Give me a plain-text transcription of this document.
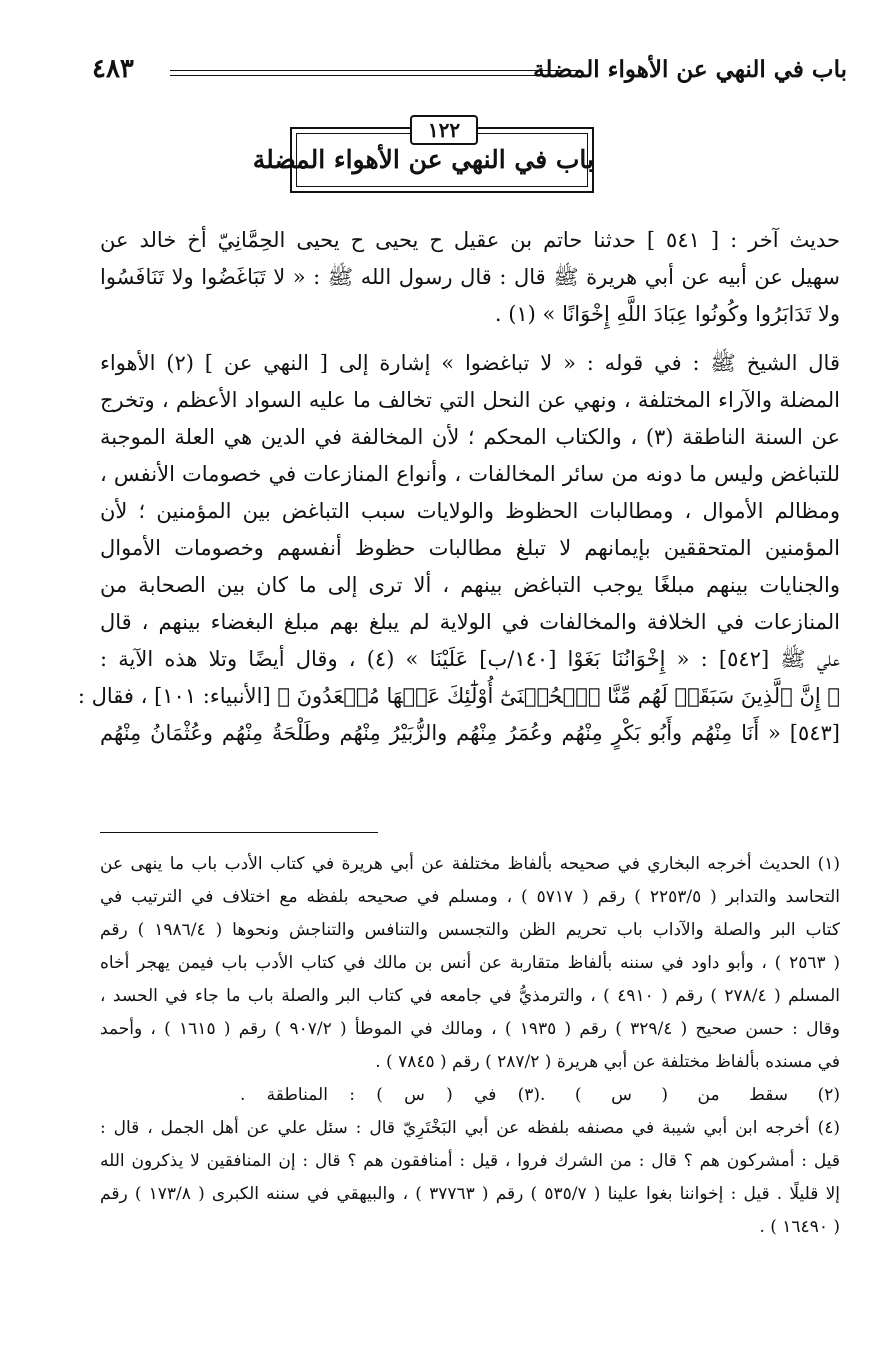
باب في النهي عن الأهواء المضلة
٤٨٣
١٢٢
باب في النهي عن الأهواء المضلة
حديث آخر : [ ٥٤١ ] حدثنا حاتم بن عقيل ح يحيى ح يحيى الحِمَّانِيّ أخ خالد عن
سهيل عن أبيه عن أبي هريرة ﷺ قال : قال رسول الله ﷺ : « لا تَبَاغَضُوا ولا تَنَافَسُوا
ولا تَدَابَرُوا وكُونُوا عِبَادَ اللَّهِ إِخْوَانًا » (١) .
قال الشيخ ﷺ : في قوله : « لا تباغضوا » إشارة إلى [ النهي عن ] (٢) الأهواء
المضلة والآراء المختلفة ، ونهي عن النحل التي تخالف ما عليه السواد الأعظم ، وتخرج
عن السنة الناطقة (٣) ، والكتاب المحكم ؛ لأن المخالفة في الدين هي العلة الموجبة
للتباغض وليس ما دونه من سائر المخالفات ، وأنواع المنازعات في خصومات الأنفس ،
ومظالم الأموال ، ومطالبات الحظوظ والولايات سبب التباغض بين المؤمنين ؛ لأن
المؤمنين المتحققين بإيمانهم لا تبلغ مطالبات حظوظ أنفسهم وخصومات الأموال
والجنايات بينهم مبلغًا يوجب التباغض بينهم ، ألا ترى إلى ما كان بين الصحابة من
المنازعات في الخلافة والمخالفات في الولاية لم يبلغ بهم مبلغ البغضاء بينهم ، قال
علي ﷺ [٥٤٢] : « إِخْوَانُنَا بَغَوْا [١٤٠/ب] عَلَيْنَا » (٤) ، وقال أيضًا وتلا هذه الآية :
﴿ إِنَّ ٱلَّذِينَ سَبَقَتۡ لَهُم مِّنَّا ٱلۡحُسۡنَىٰٓ أُوْلَٰٓئِكَ عَنۡهَا مُبۡعَدُونَ ﴾ [الأنبياء: ١٠١] ، فقال :
[٥٤٣] « أَنَا مِنْهُم وأَبُو بَكْرٍ مِنْهُم وعُمَرُ مِنْهُم والزُّبَيْرُ مِنْهُم وطَلْحَةُ مِنْهُم وعُثْمَانُ مِنْهُم
(١) الحديث أخرجه البخاري في صحيحه بألفاظ مختلفة عن أبي هريرة في كتاب الأدب باب ما ينهى عن
التحاسد والتدابر ( ٢٢٥٣/٥ ) رقم ( ٥٧١٧ ) ، ومسلم في صحيحه بلفظه مع اختلاف في الترتيب في
كتاب البر والصلة والآداب باب تحريم الظن والتجسس والتنافس والتناجش ونحوها ( ١٩٨٦/٤ ) رقم
( ٢٥٦٣ ) ، وأبو داود في سننه بألفاظ متقاربة عن أنس بن مالك في كتاب الأدب باب فيمن يهجر أخاه
المسلم ( ٢٧٨/٤ ) رقم ( ٤٩١٠ ) ، والترمذيُّ في جامعه في كتاب البر والصلة باب ما جاء في الحسد ،
وقال : حسن صحيح ( ٣٢٩/٤ ) رقم ( ١٩٣٥ ) ، ومالك في الموطأ ( ٩٠٧/٢ ) رقم ( ١٦١٥ ) ، وأحمد
في مسنده بألفاظ مختلفة عن أبي هريرة ( ٢٨٧/٢ ) رقم ( ٧٨٤٥ ) .
(٢) سقط من ( س ) .
(٣) في ( س ) : المناطقة .
(٤) أخرجه ابن أبي شيبة في مصنفه بلفظه عن أبي البَخْتَرِيّ قال : سئل علي عن أهل الجمل ، قال :
قيل : أمشركون هم ؟ قال : من الشرك فروا ، قيل : أمنافقون هم ؟ قال : إن المنافقين لا يذكرون الله
إلا قليلًا . قيل : إخواننا بغوا علينا ( ٥٣٥/٧ ) رقم ( ٣٧٧٦٣ ) ، والبيهقي في سننه الكبرى ( ١٧٣/٨ ) رقم
( ١٦٤٩٠ ) .
